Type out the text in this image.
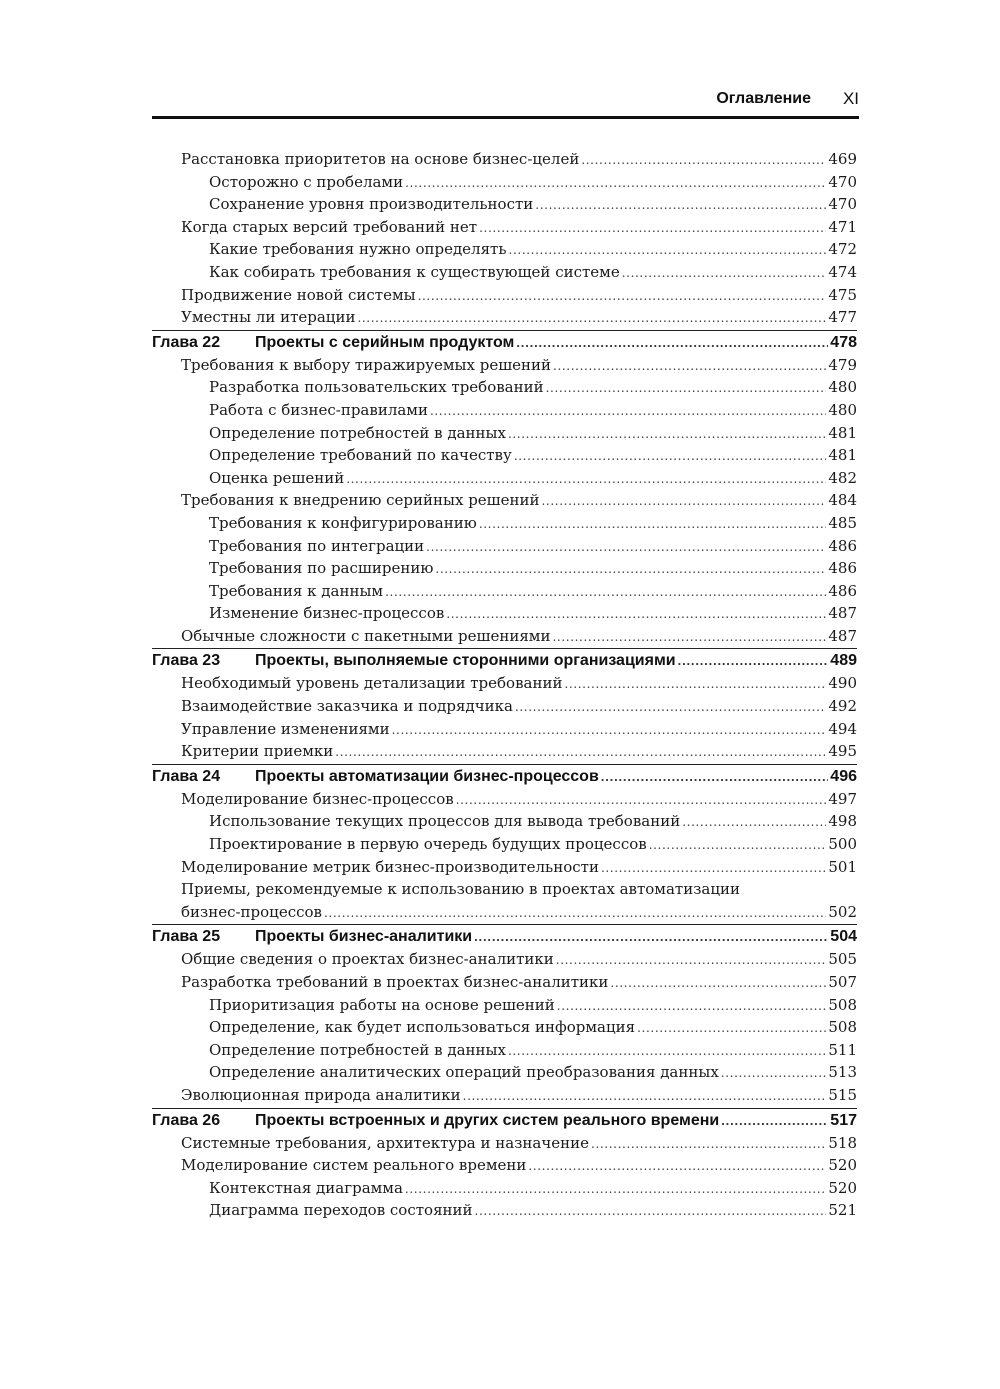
Оглавление XI
Расстановка приоритетов на основе бизнес-целей . . .	469
Осторожно с пробелами . . .	470
Сохранение уровня производительности . . .	470
Когда старых версий требований нет . . .	471
Какие требования нужно определять . . .	472
Как собирать требования к существующей системе . . .	474
Продвижение новой системы . . .	475
Уместны ли итерации . . .	477
Глава 22	Проекты с серийным продуктом . . .	478
Требования к выбору тиражируемых решений . . .	479
Разработка пользовательских требований . . .	480
Работа с бизнес-правилами . . .	480
Определение потребностей в данных . . .	481
Определение требований по качеству . . .	481
Оценка решений . . .	482
Требования к внедрению серийных решений . . .	484
Требования к конфигурированию . . .	485
Требования по интеграции . . .	486
Требования по расширению . . .	486
Требования к данным . . .	486
Изменение бизнес-процессов . . .	487
Обычные сложности с пакетными решениями . . .	487
Глава 23	Проекты, выполняемые сторонними организациями . . .	489
Необходимый уровень детализации требований . . .	490
Взаимодействие заказчика и подрядчика . . .	492
Управление изменениями . . .	494
Критерии приемки . . .	495
Глава 24	Проекты автоматизации бизнес-процессов . . .	496
Моделирование бизнес-процессов . . .	497
Использование текущих процессов для вывода требований . . .	498
Проектирование в первую очередь будущих процессов . . .	500
Моделирование метрик бизнес-производительности . . .	501
Приемы, рекомендуемые к использованию в проектах автоматизации
бизнес-процессов . . .	502
Глава 25	Проекты бизнес-аналитики . . .	504
Общие сведения о проектах бизнес-аналитики . . .	505
Разработка требований в проектах бизнес-аналитики . . .	507
Приоритизация работы на основе решений . . .	508
Определение, как будет использоваться информация . . .	508
Определение потребностей в данных . . .	511
Определение аналитических операций преобразования данных . . .	513
Эволюционная природа аналитики . . .	515
Глава 26	Проекты встроенных и других систем реального времени . . .	517
Системные требования, архитектура и назначение . . .	518
Моделирование систем реального времени . . .	520
Контекстная диаграмма . . .	520
Диаграмма переходов состояний . . .	521
